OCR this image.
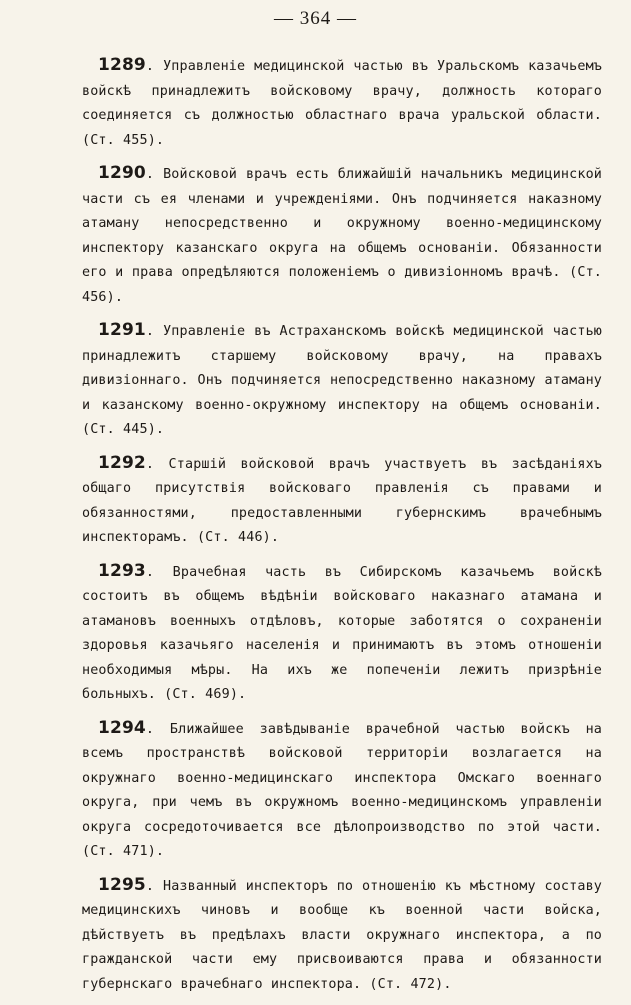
— 364 —

1289. Управленіе медицинской частью въ Уральскомъ казачьемъ войскѣ принадлежитъ войсковому врачу, должность котораго соединяется съ должностью областнаго врача уральской области. (Ст. 455).

1290. Войсковой врачъ есть ближайшій начальникъ медицинской части съ ея членами и учрежденіями. Онъ подчиняется наказному атаману непосредственно и окружному военно-медицинскому инспектору казанскаго округа на общемъ основаніи. Обязанности его и права опредѣляются положеніемъ о дивизіонномъ врачѣ. (Ст. 456).

1291. Управленіе въ Астраханскомъ войскѣ медицинской частью принадлежитъ старшему войсковому врачу, на правахъ дивизіоннаго. Онъ подчиняется непосредственно наказному атаману и казанскому военно-окружному инспектору на общемъ основаніи. (Ст. 445).

1292. Старшій войсковой врачъ участвуетъ въ засѣданіяхъ общаго присутствія войсковаго правленія съ правами и обязанностями, предоставленными губернскимъ врачебнымъ инспекторамъ. (Ст. 446).

1293. Врачебная часть въ Сибирскомъ казачьемъ войскѣ состоитъ въ общемъ вѣдѣніи войсковаго наказнаго атамана и атамановъ военныхъ отдѣловъ, которые заботятся о сохраненіи здоровья казачьяго населенія и принимаютъ въ этомъ отношеніи необходимыя мѣры. На ихъ же попеченіи лежитъ призрѣніе больныхъ. (Ст. 469).

1294. Ближайшее завѣдываніе врачебной частью войскъ на всемъ пространствѣ войсковой территоріи возлагается на окружнаго военно-медицинскаго инспектора Омскаго военнаго округа, при чемъ въ окружномъ военно-медицинскомъ управленіи округа сосредоточивается все дѣлопроизводство по этой части. (Ст. 471).

1295. Названный инспекторъ по отношенію къ мѣстному составу медицинскихъ чиновъ и вообще къ военной части войска, дѣйствуетъ въ предѣлахъ власти окружнаго инспектора, а по гражданской части ему присвоиваются права и обязанности губернскаго врачебнаго инспектора. (Ст. 472).
